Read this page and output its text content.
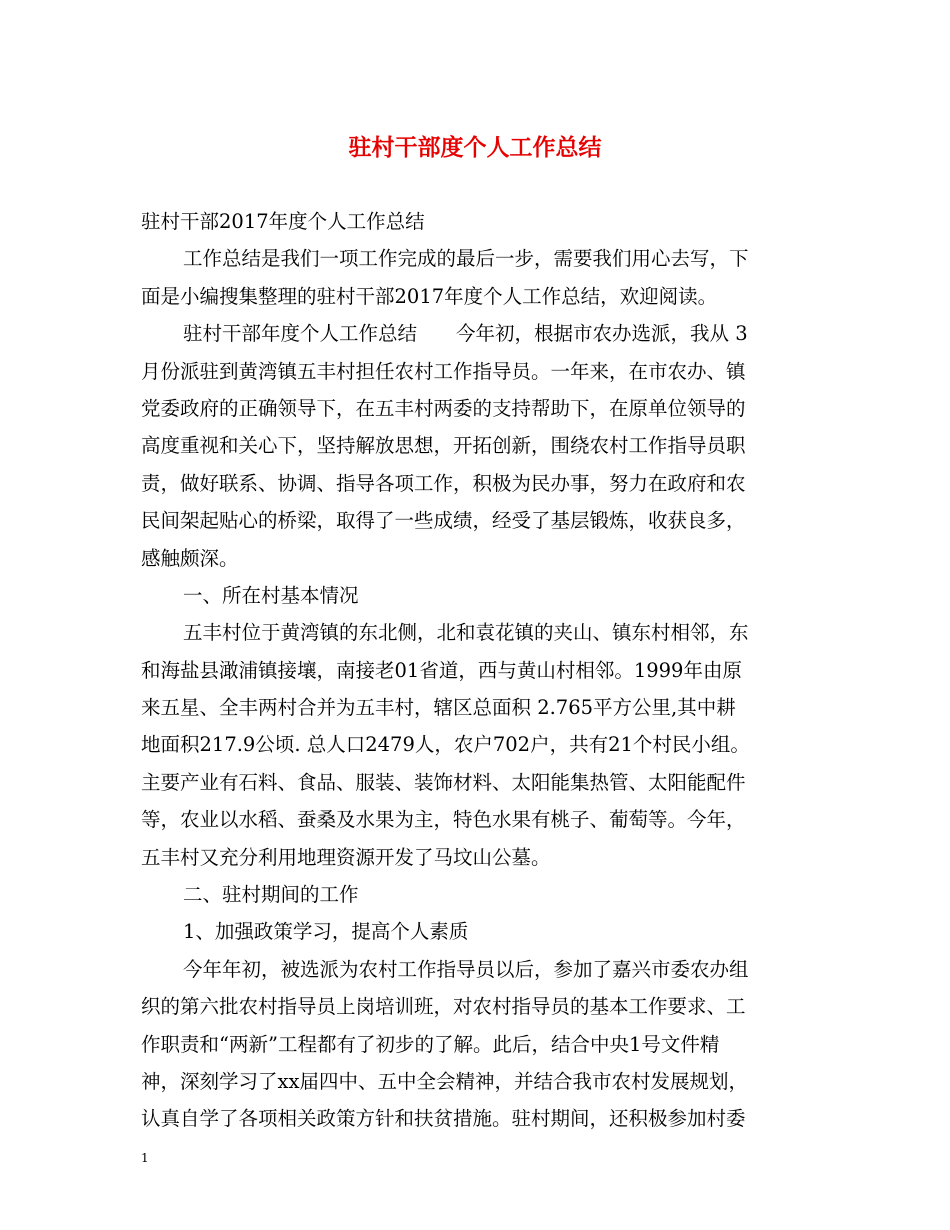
驻村干部度个人工作总结
驻村干部2017年度个人工作总结
工作总结是我们一项工作完成的最后一步，需要我们用心去写，下
面是小编搜集整理的驻村干部2017年度个人工作总结，欢迎阅读。
驻村干部年度个人工作总结　　今年初，根据市农办选派，我从 3
月份派驻到黄湾镇五丰村担任农村工作指导员。一年来，在市农办、镇
党委政府的正确领导下，在五丰村两委的支持帮助下，在原单位领导的
高度重视和关心下，坚持解放思想，开拓创新，围绕农村工作指导员职
责，做好联系、协调、指导各项工作，积极为民办事，努力在政府和农
民间架起贴心的桥梁，取得了一些成绩，经受了基层锻炼，收获良多，
感触颇深。
一、所在村基本情况
五丰村位于黄湾镇的东北侧，北和袁花镇的夹山、镇东村相邻，东
和海盐县澉浦镇接壤，南接老01省道，西与黄山村相邻。1999年由原
来五星、全丰两村合并为五丰村，辖区总面积 2.765平方公里,其中耕
地面积217.9公顷. 总人口2479人，农户702户，共有21个村民小组。
主要产业有石料、食品、服装、装饰材料、太阳能集热管、太阳能配件
等，农业以水稻、蚕桑及水果为主，特色水果有桃子、葡萄等。今年，
五丰村又充分利用地理资源开发了马坟山公墓。
二、驻村期间的工作
1、加强政策学习，提高个人素质
今年年初，被选派为农村工作指导员以后，参加了嘉兴市委农办组
织的第六批农村指导员上岗培训班，对农村指导员的基本工作要求、工
作职责和“两新”工程都有了初步的了解。此后，结合中央1号文件精
神，深刻学习了xx届四中、五中全会精神，并结合我市农村发展规划，
认真自学了各项相关政策方针和扶贫措施。驻村期间，还积极参加村委
1
